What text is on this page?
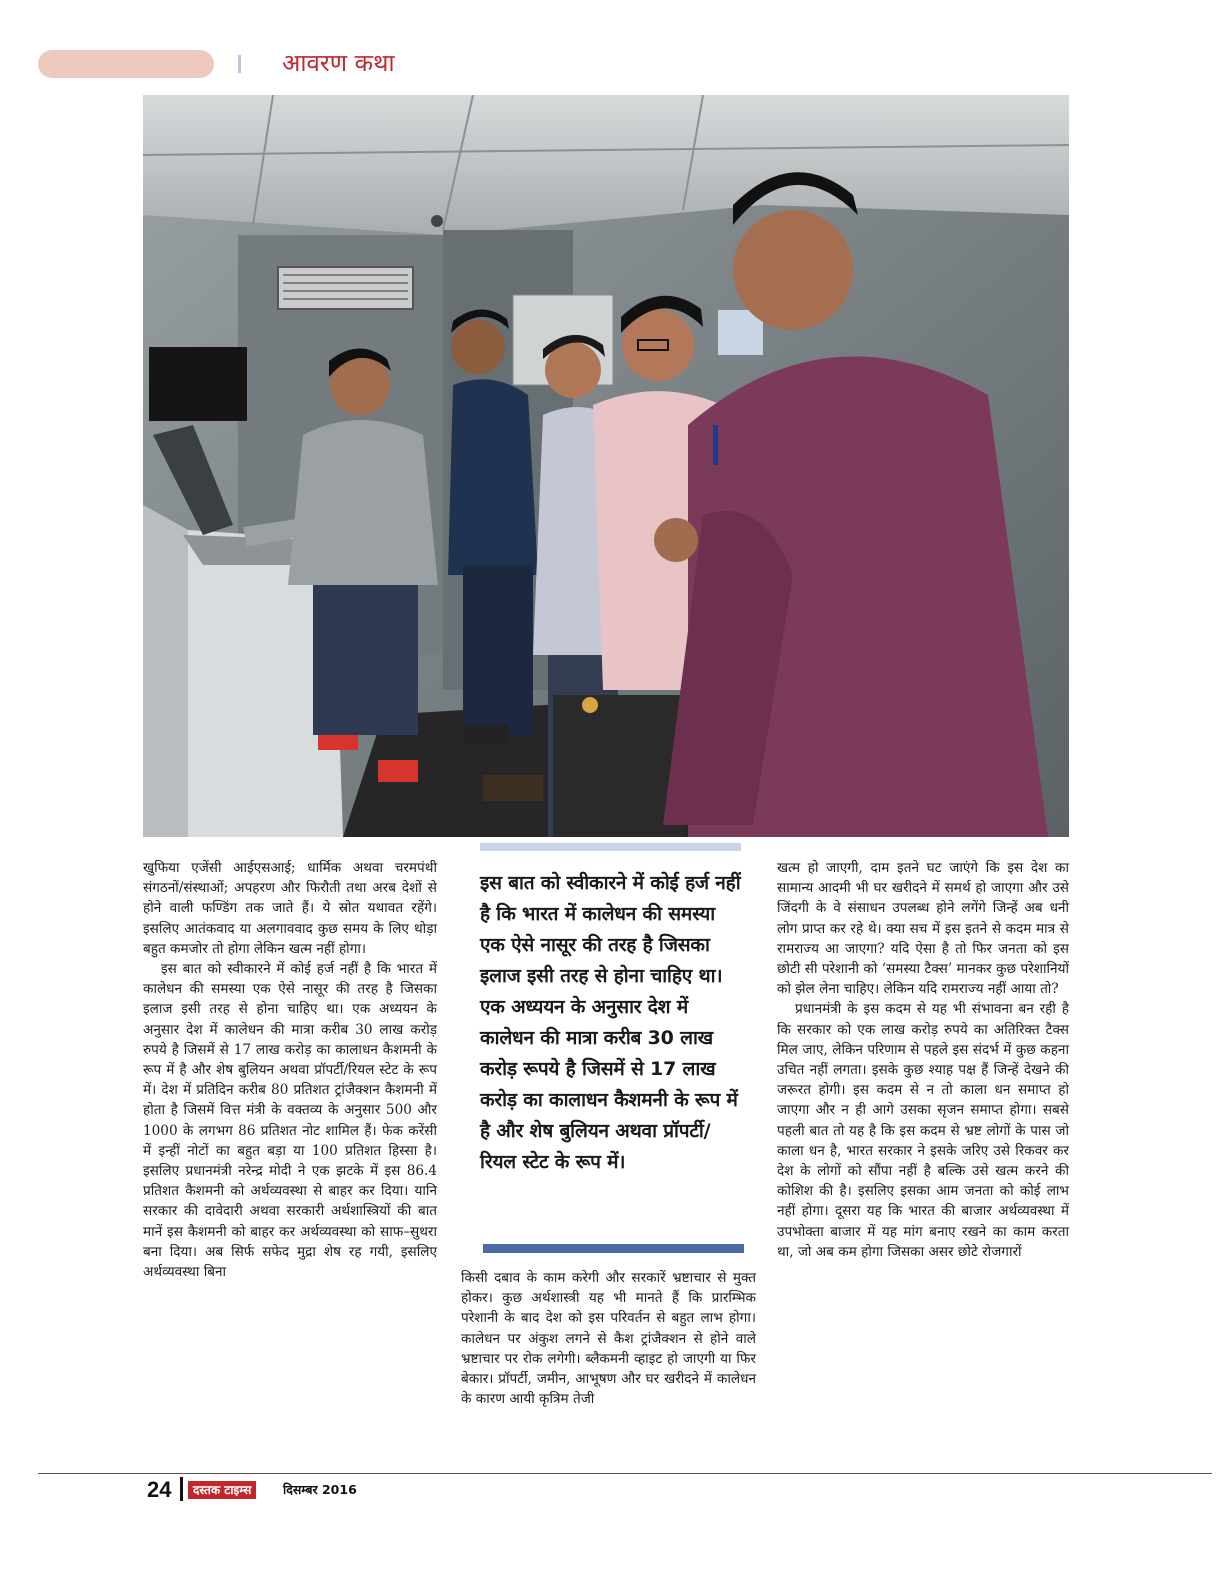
आवरण कथा

खुफिया एजेंसी आईएसआई; धार्मिक अथवा चरमपंथी संगठनों/संस्थाओं; अपहरण और फिरौती तथा अरब देशों से होने वाली फण्डिंग तक जाते हैं। ये स्रोत यथावत रहेंगे। इसलिए आतंकवाद या अलगाववाद कुछ समय के लिए थोड़ा बहुत कमजोर तो होगा लेकिन खत्म नहीं होगा।

इस बात को स्वीकारने में कोई हर्ज नहीं है कि भारत में कालेधन की समस्या एक ऐसे नासूर की तरह है जिसका इलाज इसी तरह से होना चाहिए था। एक अध्ययन के अनुसार देश में कालेधन की मात्रा करीब 30 लाख करोड़ रुपये है जिसमें से 17 लाख करोड़ का कालाधन कैशमनी के रूप में है और शेष बुलियन अथवा प्रॉपर्टी/रियल स्टेट के रूप में। देश में प्रतिदिन करीब 80 प्रतिशत ट्रांजैक्शन कैशमनी में होता है जिसमें वित्त मंत्री के वक्तव्य के अनुसार 500 और 1000 के लगभग 86 प्रतिशत नोट शामिल हैं। फेक करेंसी में इन्हीं नोटों का बहुत बड़ा या 100 प्रतिशत हिस्सा है। इसलिए प्रधानमंत्री नरेन्द्र मोदी ने एक झटके में इस 86.4 प्रतिशत कैशमनी को अर्थव्यवस्था से बाहर कर दिया। यानि सरकार की दावेदारी अथवा सरकारी अर्थशास्त्रियों की बात मानें इस कैशमनी को बाहर कर अर्थव्यवस्था को साफ–सुथरा बना दिया। अब सिर्फ सफेद मुद्रा शेष रह गयी, इसलिए अर्थव्यवस्था बिना

इस बात को स्वीकारने में कोई हर्ज नहीं है कि भारत में कालेधन की समस्या एक ऐसे नासूर की तरह है जिसका इलाज इसी तरह से होना चाहिए था। एक अध्ययन के अनुसार देश में कालेधन की मात्रा करीब 30 लाख करोड़ रूपये है जिसमें से 17 लाख करोड़ का कालाधन कैशमनी के रूप में है और शेष बुलियन अथवा प्रॉपर्टी/रियल स्टेट के रूप में।

किसी दबाव के काम करेगी और सरकारें भ्रष्टाचार से मुक्त होकर। कुछ अर्थशास्त्री यह भी मानते हैं कि प्रारम्भिक परेशानी के बाद देश को इस परिवर्तन से बहुत लाभ होगा। कालेधन पर अंकुश लगने से कैश ट्रांजैक्शन से होने वाले भ्रष्टाचार पर रोक लगेगी। ब्लैकमनी व्हाइट हो जाएगी या फिर बेकार। प्रॉपर्टी, जमीन, आभूषण और घर खरीदने में कालेधन के कारण आयी कृत्रिम तेजी

खत्म हो जाएगी, दाम इतने घट जाएंगे कि इस देश का सामान्य आदमी भी घर खरीदने में समर्थ हो जाएगा और उसे जिंदगी के वे संसाधन उपलब्ध होने लगेंगे जिन्हें अब धनी लोग प्राप्त कर रहे थे। क्या सच में इस इतने से कदम मात्र से रामराज्य आ जाएगा? यदि ऐसा है तो फिर जनता को इस छोटी सी परेशानी को ‘समस्या टैक्स’ मानकर कुछ परेशानियों को झेल लेना चाहिए। लेकिन यदि रामराज्य नहीं आया तो?

प्रधानमंत्री के इस कदम से यह भी संभावना बन रही है कि सरकार को एक लाख करोड़ रुपये का अतिरिक्त टैक्स मिल जाए, लेकिन परिणाम से पहले इस संदर्भ में कुछ कहना उचित नहीं लगता। इसके कुछ श्याह पक्ष हैं जिन्हें देखने की जरूरत होगी। इस कदम से न तो काला धन समाप्त हो जाएगा और न ही आगे उसका सृजन समाप्त होगा। सबसे पहली बात तो यह है कि इस कदम से भ्रष्ट लोगों के पास जो काला धन है, भारत सरकार ने इसके जरिए उसे रिकवर कर देश के लोगों को सौंपा नहीं है बल्कि उसे खत्म करने की कोशिश की है। इसलिए इसका आम जनता को कोई लाभ नहीं होगा। दूसरा यह कि भारत की बाजार अर्थव्यवस्था में उपभोक्ता बाजार में यह मांग बनाए रखने का काम करता था, जो अब कम होगा जिसका असर छोटे रोजगारों

24	दस्तक टाइम्स	दिसम्बर 2016
